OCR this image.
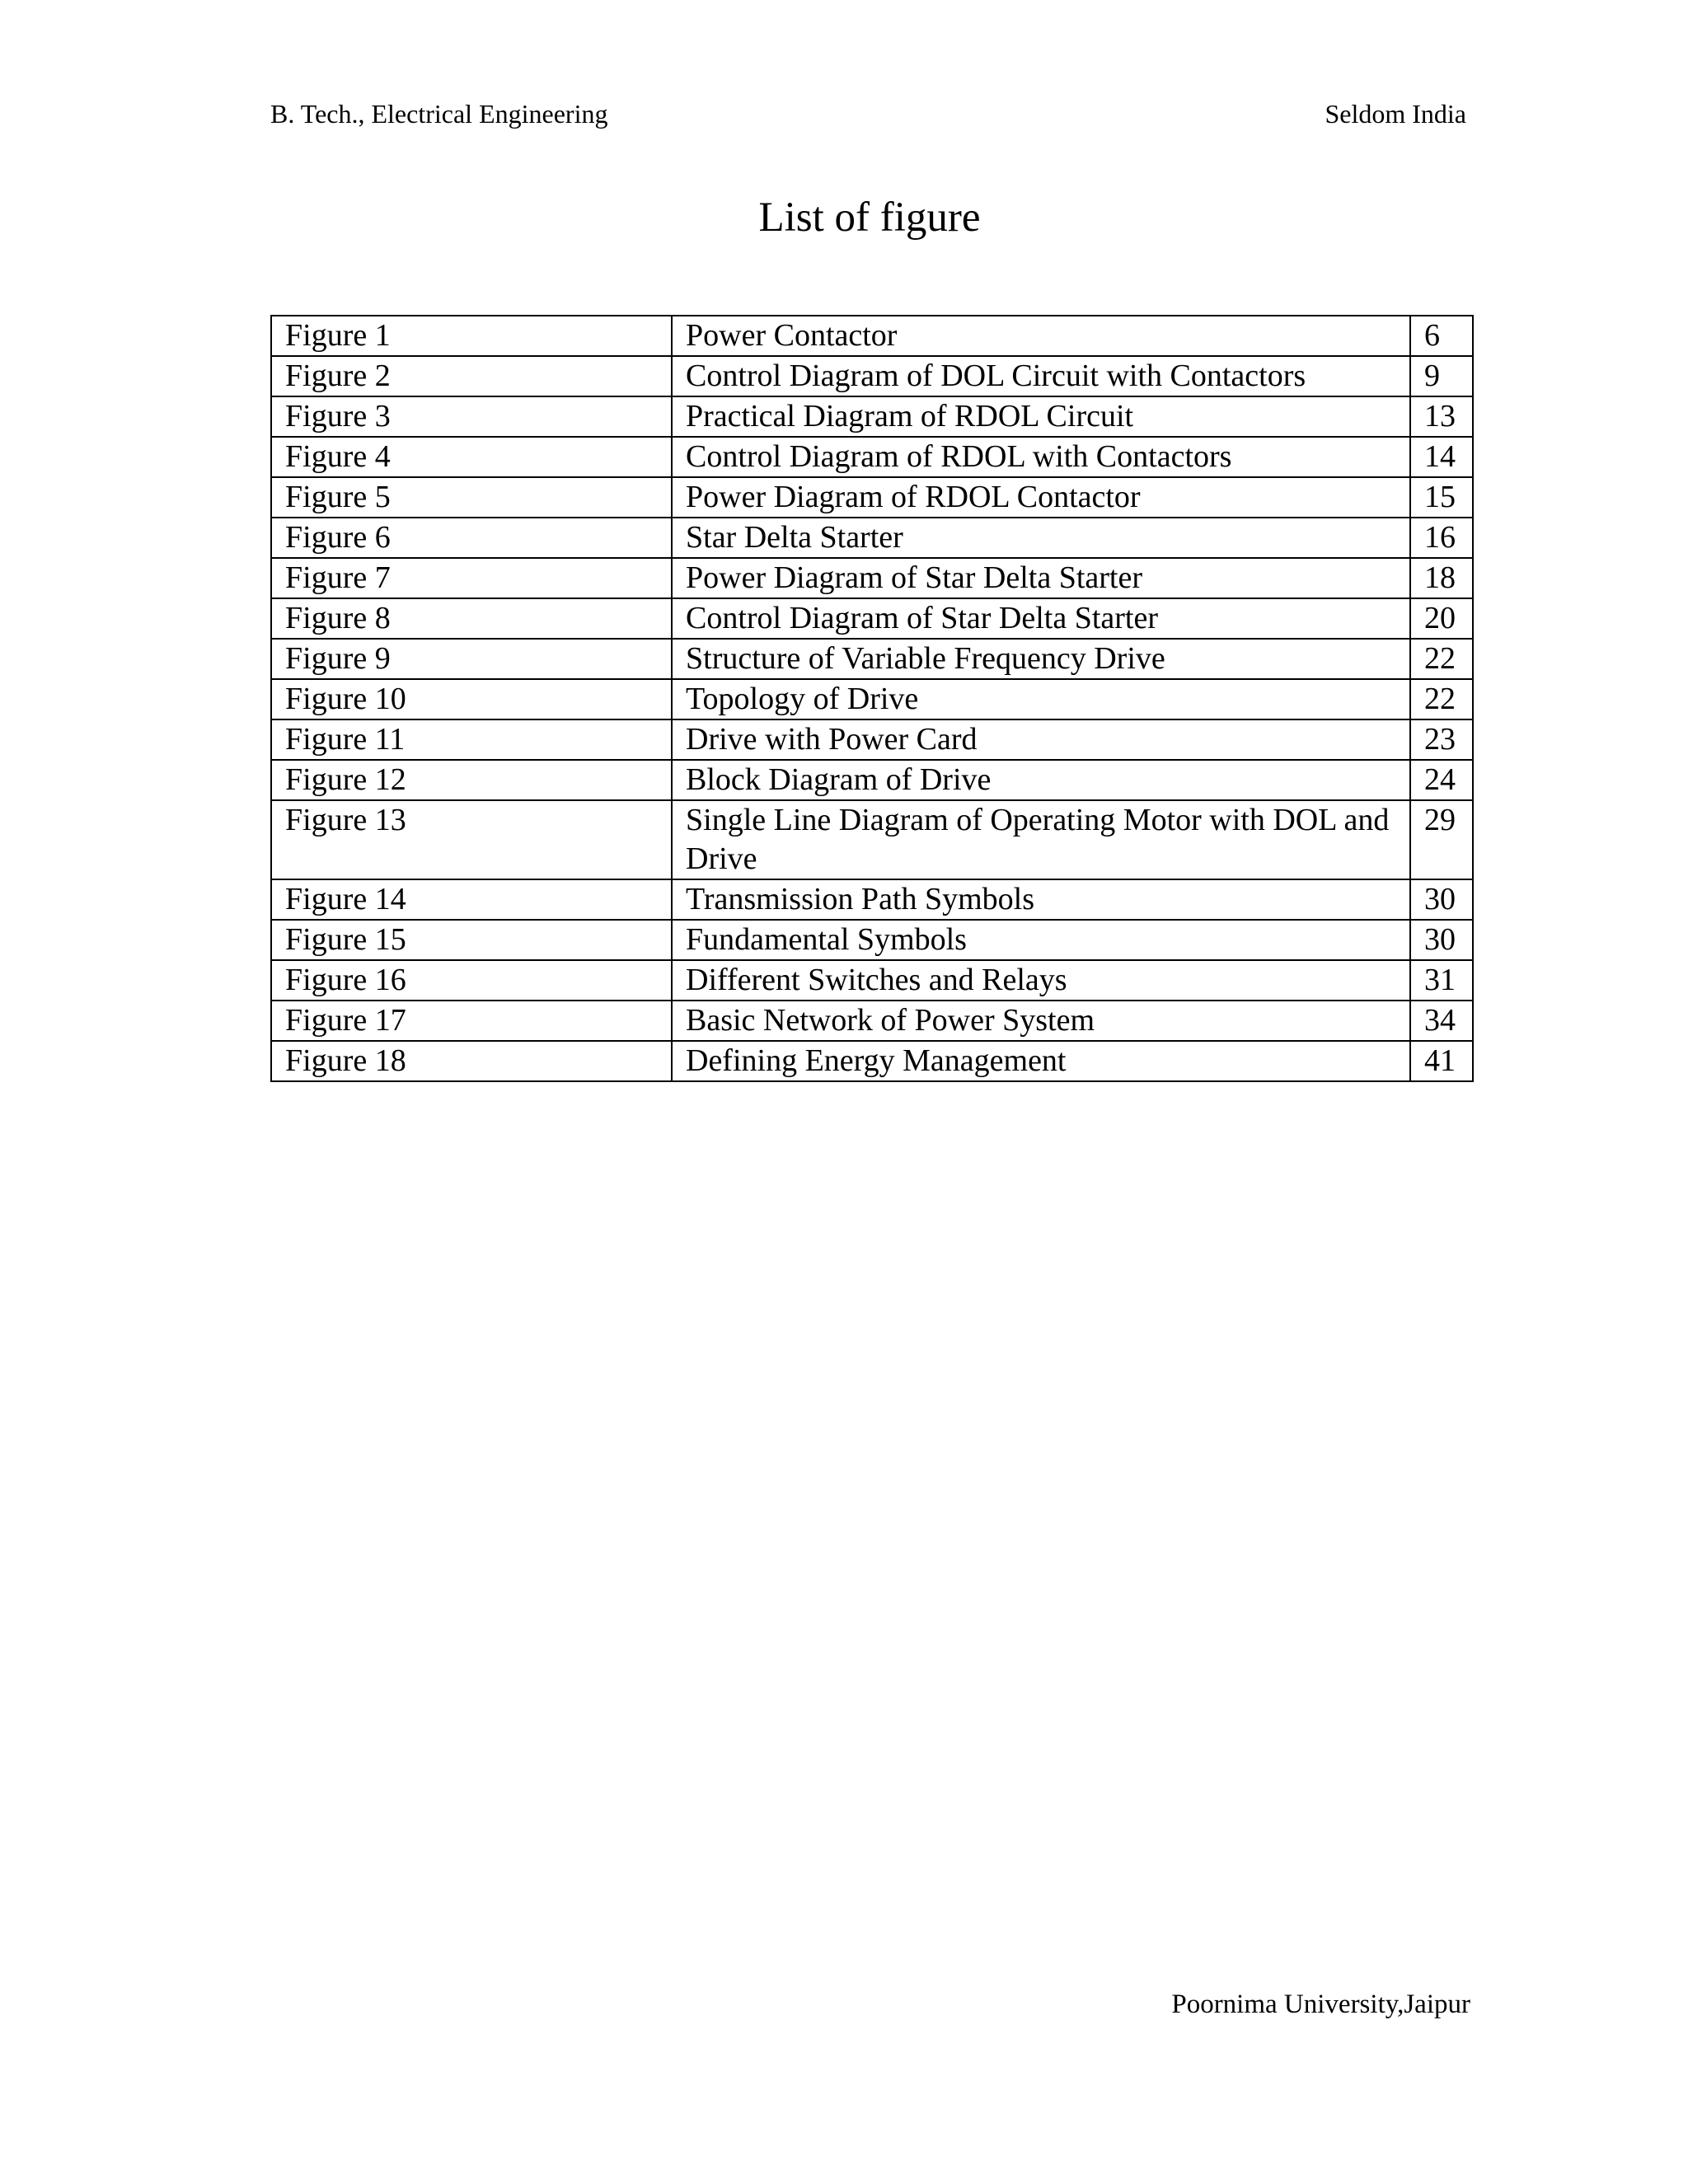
B. Tech., Electrical Engineering	Seldom India
List of figure
Figure 1	Power Contactor	6
Figure 2	Control Diagram of DOL Circuit with Contactors	9
Figure 3	Practical Diagram of RDOL Circuit	13
Figure 4	Control Diagram of RDOL with Contactors	14
Figure 5	Power Diagram of RDOL Contactor	15
Figure 6	Star Delta Starter	16
Figure 7	Power Diagram of Star Delta Starter	18
Figure 8	Control Diagram of Star Delta Starter	20
Figure 9	Structure of Variable Frequency Drive	22
Figure 10	Topology of Drive	22
Figure 11	Drive with Power Card	23
Figure 12	Block Diagram of Drive	24
Figure 13	Single Line Diagram of Operating Motor with DOL and Drive	29
Figure 14	Transmission Path Symbols	30
Figure 15	Fundamental Symbols	30
Figure 16	Different Switches and Relays	31
Figure 17	Basic Network of Power System	34
Figure 18	Defining Energy Management	41
Poornima University,Jaipur
